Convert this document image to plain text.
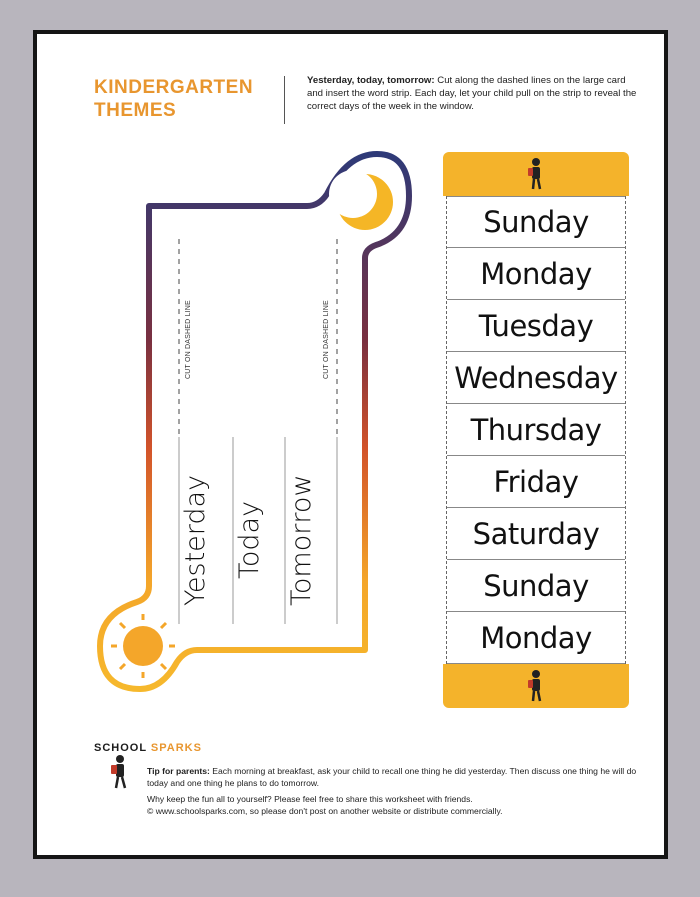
KINDERGARTEN
THEMES
Yesterday, today, tomorrow: Cut along the dashed lines on the large card and insert the word strip. Each day, let your child pull on the strip to reveal the correct days of the week in the window.
CUT ON DASHED LINE	CUT ON DASHED LINE
Yesterday Today Tomorrow
Sunday
Monday
Tuesday
Wednesday
Thursday
Friday
Saturday
Sunday
Monday
SCHOOL SPARKS

Tip for parents: Each morning at breakfast, ask your child to recall one thing he did yesterday. Then discuss one thing he will do today and one thing he plans to do tomorrow.

Why keep the fun all to yourself? Please feel free to share this worksheet with friends.

© www.schoolsparks.com, so please don't post on another website or distribute commercially.
